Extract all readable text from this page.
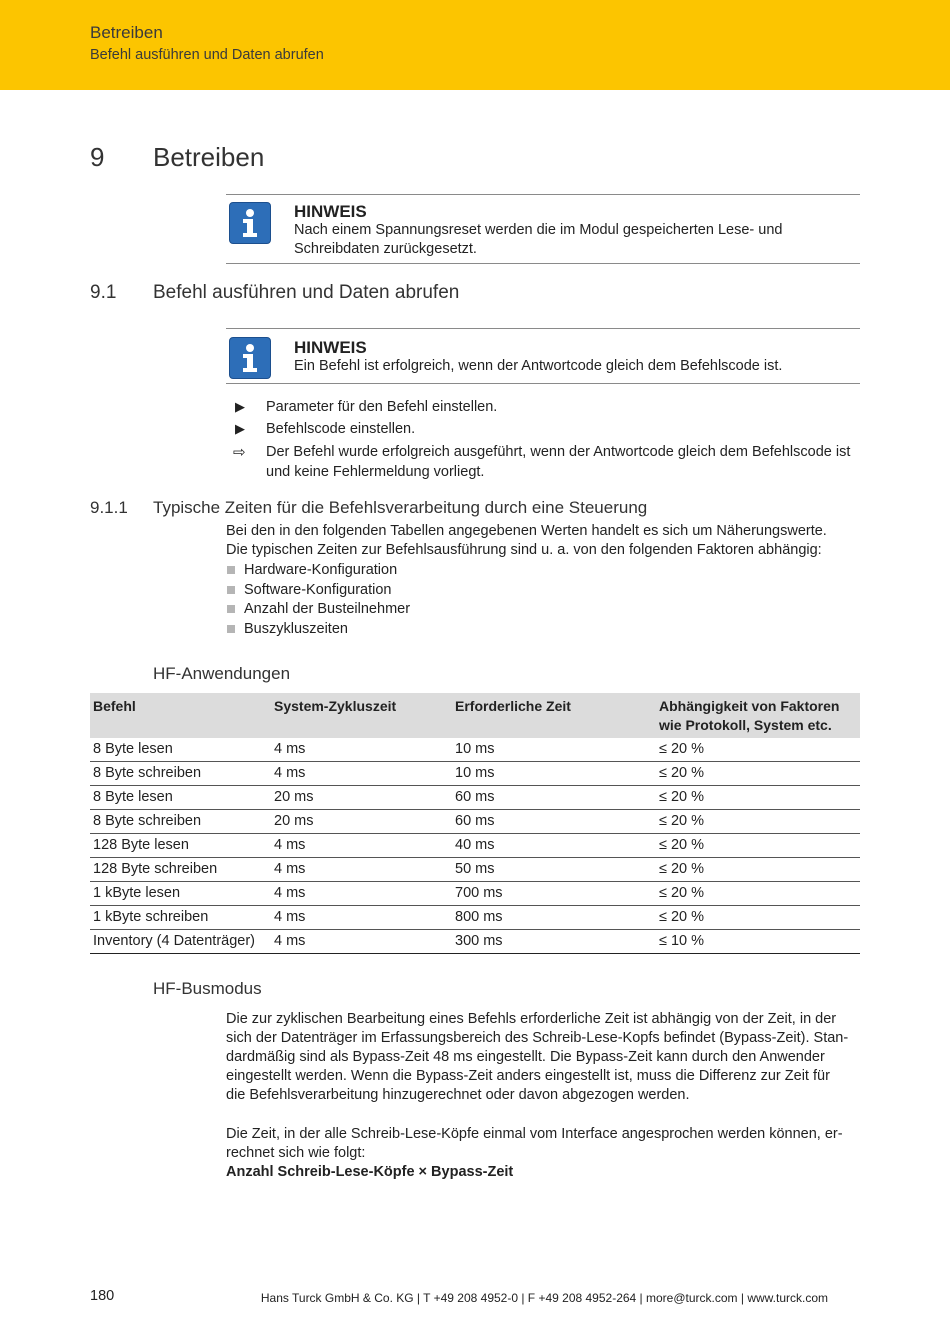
Betreiben
Befehl ausführen und Daten abrufen
9 Betreiben
HINWEIS
Nach einem Spannungsreset werden die im Modul gespeicherten Lese- und Schreibdaten zurückgesetzt.
9.1 Befehl ausführen und Daten abrufen
HINWEIS
Ein Befehl ist erfolgreich, wenn der Antwortcode gleich dem Befehlscode ist.
▶ Parameter für den Befehl einstellen.
▶ Befehlscode einstellen.
⇨ Der Befehl wurde erfolgreich ausgeführt, wenn der Antwortcode gleich dem Befehlscode ist und keine Fehlermeldung vorliegt.
9.1.1 Typische Zeiten für die Befehlsverarbeitung durch eine Steuerung
Bei den in den folgenden Tabellen angegebenen Werten handelt es sich um Näherungswerte.
Die typischen Zeiten zur Befehlsausführung sind u. a. von den folgenden Faktoren abhängig:
Hardware-Konfiguration
Software-Konfiguration
Anzahl der Busteilnehmer
Buszykluszeiten
HF-Anwendungen
Befehl	System-Zykluszeit	Erforderliche Zeit	Abhängigkeit von Faktoren
wie Protokoll, System etc.
8 Byte lesen	4 ms	10 ms	≤ 20 %
8 Byte schreiben	4 ms	10 ms	≤ 20 %
8 Byte lesen	20 ms	60 ms	≤ 20 %
8 Byte schreiben	20 ms	60 ms	≤ 20 %
128 Byte lesen	4 ms	40 ms	≤ 20 %
128 Byte schreiben	4 ms	50 ms	≤ 20 %
1 kByte lesen	4 ms	700 ms	≤ 20 %
1 kByte schreiben	4 ms	800 ms	≤ 20 %
Inventory (4 Datenträger)	4 ms	300 ms	≤ 10 %
HF-Busmodus
Die zur zyklischen Bearbeitung eines Befehls erforderliche Zeit ist abhängig von der Zeit, in der
sich der Datenträger im Erfassungsbereich des Schreib-Lese-Kopfs befindet (Bypass-Zeit). Stan-
dardmäßig sind als Bypass-Zeit 48 ms eingestellt. Die Bypass-Zeit kann durch den Anwender
eingestellt werden. Wenn die Bypass-Zeit anders eingestellt ist, muss die Differenz zur Zeit für
die Befehlsverarbeitung hinzugerechnet oder davon abgezogen werden.
Die Zeit, in der alle Schreib-Lese-Köpfe einmal vom Interface angesprochen werden können, er-
rechnet sich wie folgt:
Anzahl Schreib-Lese-Köpfe × Bypass-Zeit
180	Hans Turck GmbH & Co. KG | T +49 208 4952-0 | F +49 208 4952-264 | more@turck.com | www.turck.com
